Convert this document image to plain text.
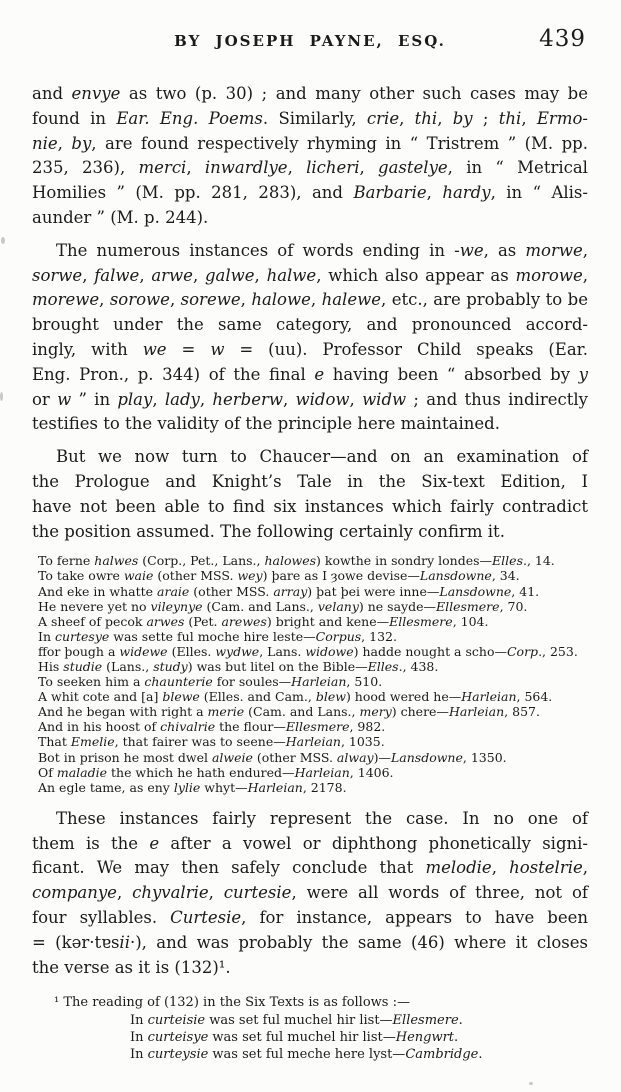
BY JOSEPH PAYNE, ESQ.	439
and envye as two (p. 30) ; and many other such cases may be
found in Ear. Eng. Poems. Similarly, crie, thi, by ; thi, Ermo-
nie, by, are found respectively rhyming in “ Tristrem ” (M. pp.
235, 236), merci, inwardlye, licheri, gastelye, in “ Metrical
Homilies ” (M. pp. 281, 283), and Barbarie, hardy, in “ Alis-
aunder ” (M. p. 244).
The numerous instances of words ending in -we, as morwe,
sorwe, falwe, arwe, galwe, halwe, which also appear as morowe,
morewe, sorowe, sorewe, halowe, halewe, etc., are probably to be
brought under the same category, and pronounced accord-
ingly, with we = w = (uu). Professor Child speaks (Ear.
Eng. Pron., p. 344) of the final e having been “ absorbed by y
or w ” in play, lady, herberw, widow, widw ; and thus indirectly
testifies to the validity of the principle here maintained.
But we now turn to Chaucer—and on an examination of
the Prologue and Knight’s Tale in the Six-text Edition, I
have not been able to find six instances which fairly contradict
the position assumed. The following certainly confirm it.
To ferne halwes (Corp., Pet., Lans., halowes) kowthe in sondry londes—Elles., 14.
To take owre waie (other MSS. wey) þare as I ȝowe devise—Lansdowne, 34.
And eke in whatte araie (other MSS. array) þat þei were inne—Lansdowne, 41.
He nevere yet no vileynye (Cam. and Lans., velany) ne sayde—Ellesmere, 70.
A sheef of pecok arwes (Pet. arewes) bright and kene—Ellesmere, 104.
In curtesye was sette ful moche hire leste—Corpus, 132.
ffor þough a widewe (Elles. wydwe, Lans. widowe) hadde nought a scho—Corp., 253.
His studie (Lans., study) was but litel on the Bible—Elles., 438.
To seeken him a chaunterie for soules—Harleian, 510.
A whit cote and [a] blewe (Elles. and Cam., blew) hood wered he—Harleian, 564.
And he began with right a merie (Cam. and Lans., mery) chere—Harleian, 857.
And in his hoost of chivalrie the flour—Ellesmere, 982.
That Emelie, that fairer was to seene—Harleian, 1035.
Bot in prison he most dwel alweie (other MSS. alway)—Lansdowne, 1350.
Of maladie the which he hath endured—Harleian, 1406.
An egle tame, as eny lylie whyt—Harleian, 2178.
These instances fairly represent the case. In no one of
them is the e after a vowel or diphthong phonetically signi-
ficant. We may then safely conclude that melodie, hostelrie,
companye, chyvalrie, curtesie, were all words of three, not of
four syllables. Curtesie, for instance, appears to have been
= (kər·tɐsii·), and was probably the same (46) where it closes
the verse as it is (132)¹.
¹ The reading of (132) in the Six Texts is as follows :—
In curteisie was set ful muchel hir list—Ellesmere.
In curteisye was set ful muchel hir list—Hengwrt.
In curteysie was set ful meche here lyst—Cambridge.
